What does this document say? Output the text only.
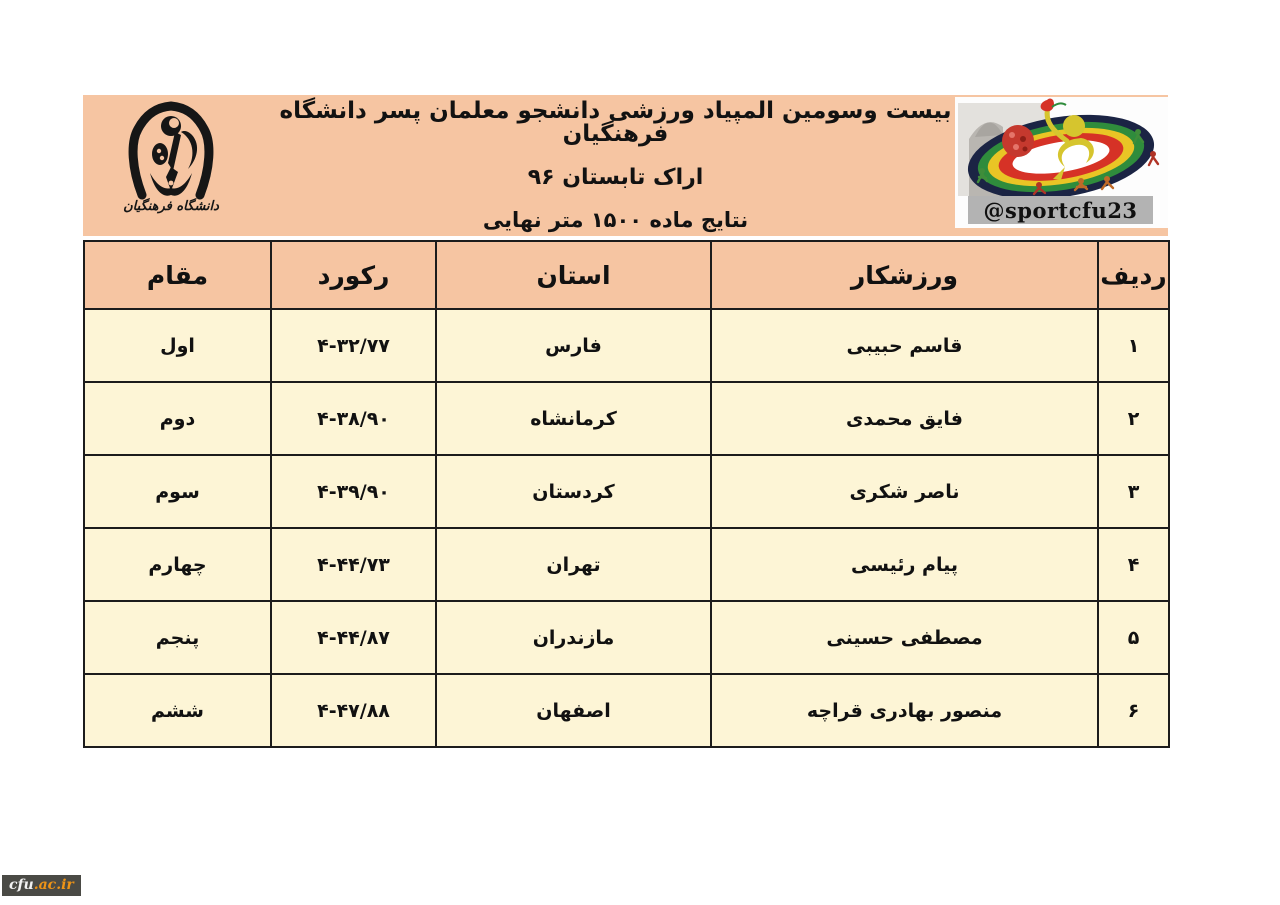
دانشگاه فرهنگیان
بیست وسومین المپیاد ورزشی دانشجو معلمان پسر دانشگاه فرهنگیان
اراک تابستان ۹۶
نتایج ماده ۱۵۰۰ متر نهایی	@sportcfu23
ردیف	ورزشکار	استان	رکورد	مقام
۱	قاسم حبیبی	فارس	۴-۳۲/۷۷	اول
۲	فایق محمدی	کرمانشاه	۴-۳۸/۹۰	دوم
۳	ناصر شکری	کردستان	۴-۳۹/۹۰	سوم
۴	پیام رئیسی	تهران	۴-۴۴/۷۳	چهارم
۵	مصطفی حسینی	مازندران	۴-۴۴/۸۷	پنجم
۶	منصور بهادری قراچه	اصفهان	۴-۴۷/۸۸	ششم
cfu.ac.ir
